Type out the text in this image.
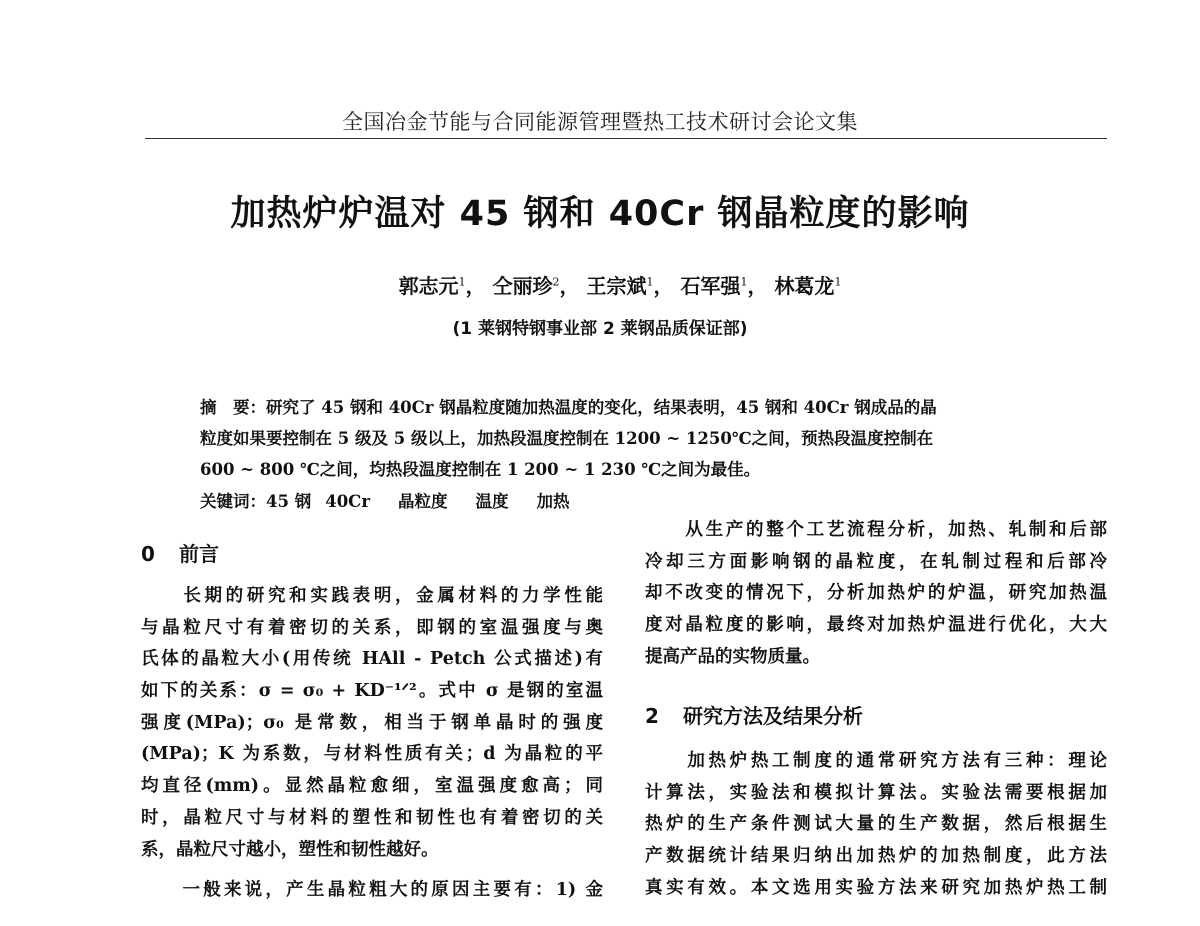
全国冶金节能与合同能源管理暨热工技术研讨会论文集
加热炉炉温对 45 钢和 40Cr 钢晶粒度的影响
郭志元$^1$， 仝丽珍$^2$， 王宗斌$^1$， 石军强$^1$， 林葛龙$^1$
(1 莱钢特钢事业部 2 莱钢品质保证部)
摘　要：研究了 45 钢和 40Cr 钢晶粒度随加热温度的变化，结果表明，45 钢和 40Cr 钢成品的晶
粒度如果要控制在 5 级及 5 级以上，加热段温度控制在 1200 ~ 1250℃之间，预热段温度控制在
600 ~ 800 ℃之间，均热段温度控制在 1 200 ~ 1 230 ℃之间为最佳。
关键词：45 钢 40Cr 晶粒度 温度 加热
0 前言
　　长期的研究和实践表明，金属材料的力学性能
与晶粒尺寸有着密切的关系，即钢的室温强度与奥
氏体的晶粒大小(用传统 HAll - Petch 公式描述)有
如下的关系：σ = σ₀ + KD⁻¹ᐟ²。式中 σ 是钢的室温
强度(MPa)；σ₀ 是常数，相当于钢单晶时的强度
(MPa)；K 为系数，与材料性质有关；d 为晶粒的平
均直径(mm)。显然晶粒愈细，室温强度愈高；同
时，晶粒尺寸与材料的塑性和韧性也有着密切的关
系，晶粒尺寸越小，塑性和韧性越好。
　　一般来说，产生晶粒粗大的原因主要有：1) 金
　　从生产的整个工艺流程分析，加热、轧制和后部
冷却三方面影响钢的晶粒度，在轧制过程和后部冷
却不改变的情况下，分析加热炉的炉温，研究加热温
度对晶粒度的影响，最终对加热炉温进行优化，大大
提高产品的实物质量。
2 研究方法及结果分析
　　加热炉热工制度的通常研究方法有三种：理论
计算法，实验法和模拟计算法。实验法需要根据加
热炉的生产条件测试大量的生产数据，然后根据生
产数据统计结果归纳出加热炉的加热制度，此方法
真实有效。本文选用实验方法来研究加热炉热工制
